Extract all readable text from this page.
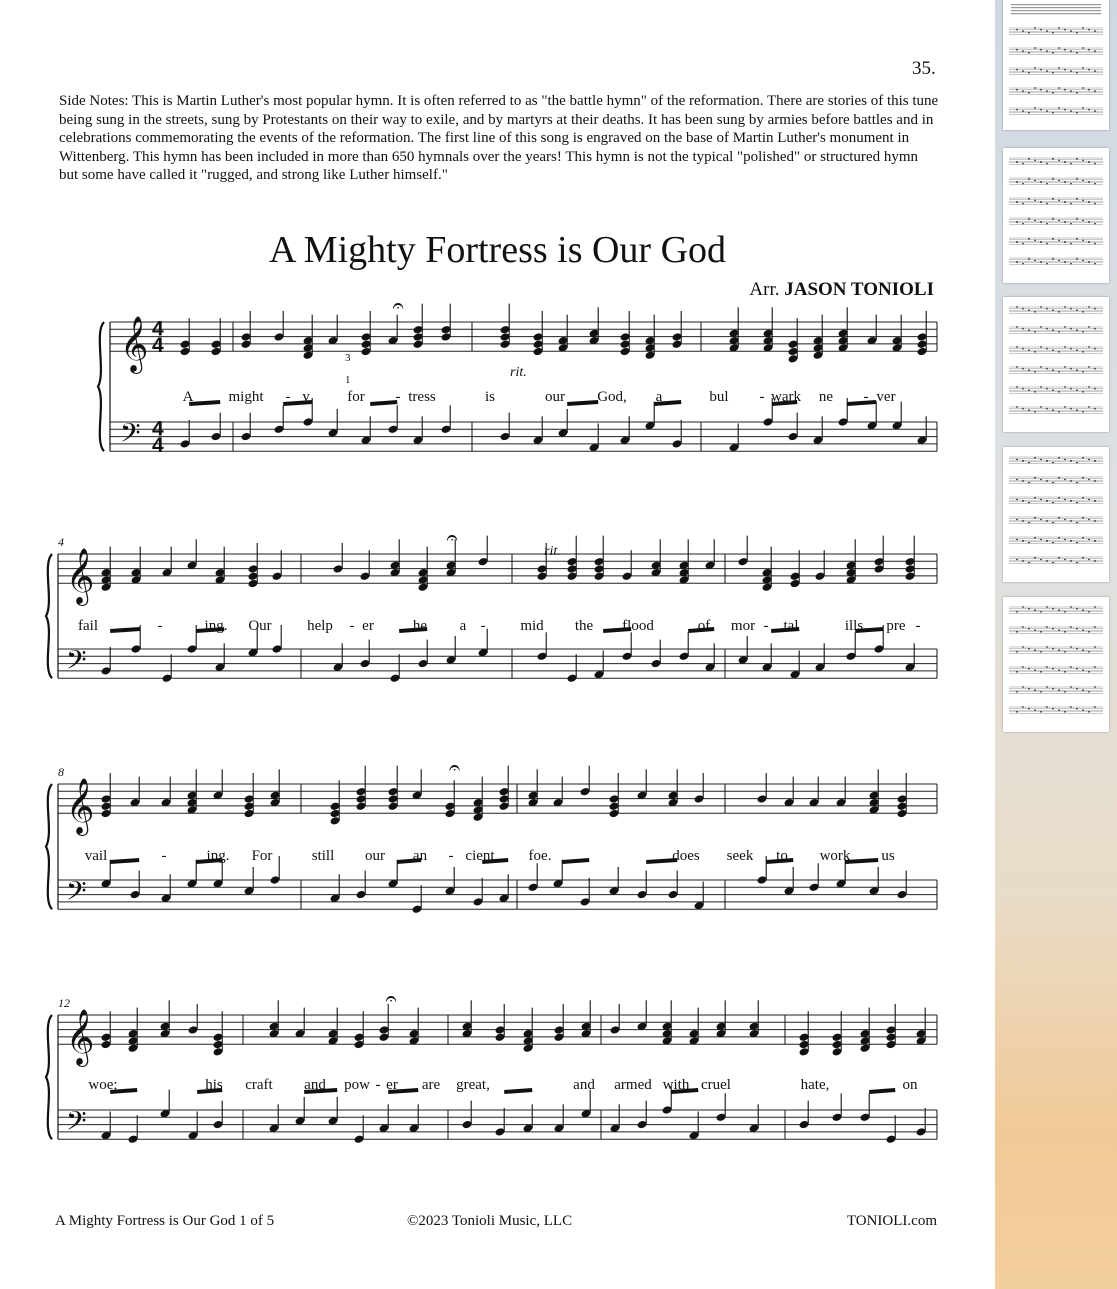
35.
Side Notes: This is Martin Luther's most popular hymn. It is often referred to as "the battle hymn" of the reformation. There are stories of this tune being sung in the streets, sung by Protestants on their way to exile, and by martyrs at their deaths. It has been sung by armies before battles and in celebrations commemorating the events of the reformation. The first line of this song is engraved on the base of Martin Luther's monument in Wittenberg. This hymn has been included in more than 650 hymnals over the years! This hymn is not the typical "polished" or structured hymn but some have called it "rugged, and strong like Luther himself."
A Mighty Fortress is Our God
Arr. JASON TONIOLI
𝄞
𝄢
4
4
4
4
𝄐
A might - y	for - tress	is	our God, a	bul - wark ne - ver
𝄞
𝄢
4	𝄐
fail	-	ing. Our help - er	he a - mid the flood	of mor - tal	ills pre -
𝄞
𝄢
8	𝄐
vail	-	ing. For	still our an - cient foe.	does seek to work us
𝄞
𝄢
12	𝄐
woe;	his craft and pow - er are great,	and armed with cruel	hate,	on
rit.
rit.
3
1
A Mighty Fortress is Our God 1 of 5	©2023 Tonioli Music, LLC	TONIOLI.com
